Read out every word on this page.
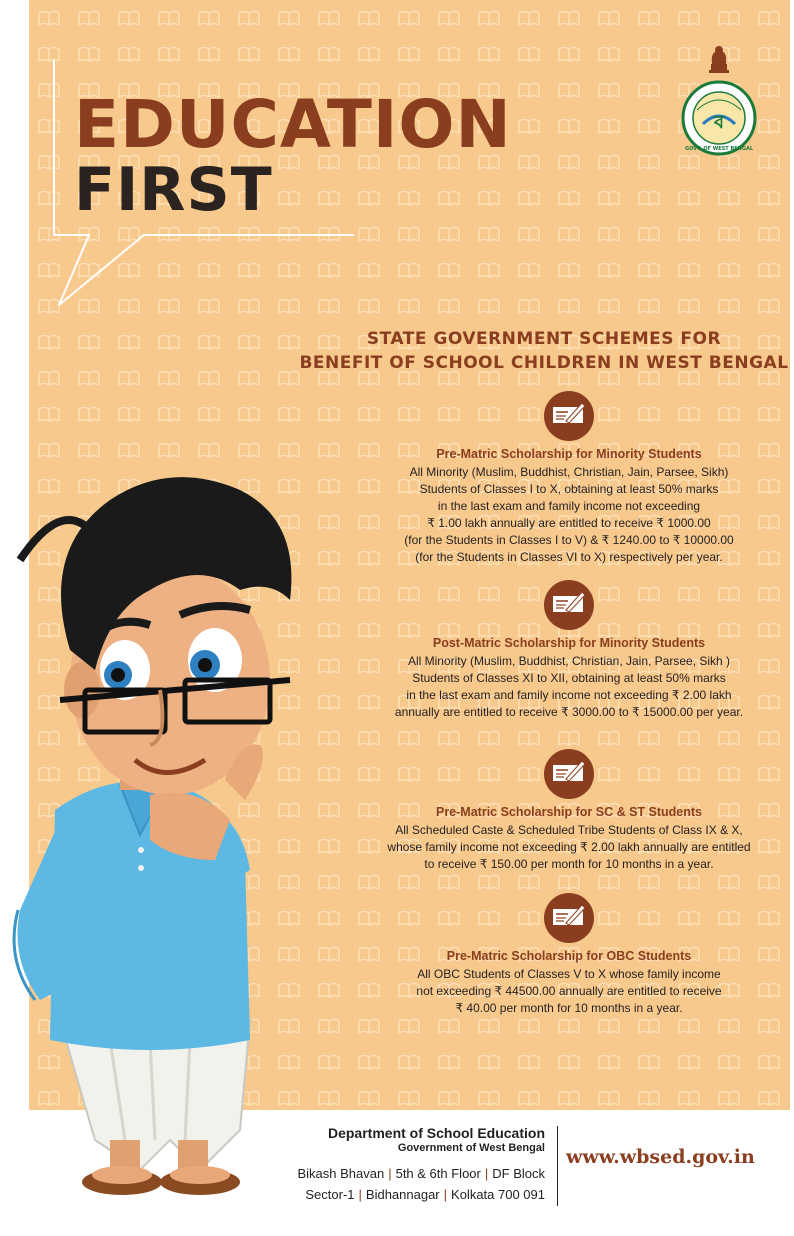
EDUCATION
FIRST
ব
GOVT. OF WEST BENGAL
STATE GOVERNMENT SCHEMES FOR
BENEFIT OF SCHOOL CHILDREN IN WEST BENGAL
Pre-Matric Scholarship for Minority Students
All Minority (Muslim, Buddhist, Christian, Jain, Parsee, Sikh)
Students of Classes I to X, obtaining at least 50% marks
in the last exam and family income not exceeding
₹ 1.00 lakh annually are entitled to receive ₹ 1000.00
(for the Students in Classes I to V) & ₹ 1240.00 to ₹ 10000.00
(for the Students in Classes VI to X) respectively per year.
Post-Matric Scholarship for Minority Students
All Minority (Muslim, Buddhist, Christian, Jain, Parsee, Sikh )
Students of Classes XI to XII, obtaining at least 50% marks
in the last exam and family income not exceeding ₹ 2.00 lakh
annually are entitled to receive ₹ 3000.00 to ₹ 15000.00 per year.
Pre-Matric Scholarship for SC & ST Students
All Scheduled Caste & Scheduled Tribe Students of Class IX & X,
whose family income not exceeding ₹ 2.00 lakh annually are entitled
to receive ₹ 150.00 per month for 10 months in a year.
Pre-Matric Scholarship for OBC Students
All OBC Students of Classes V to X whose family income
not exceeding ₹ 44500.00 annually are entitled to receive
₹ 40.00 per month for 10 months in a year.
Department of School Education
Government of West Bengal
Bikash Bhavan | 5th & 6th Floor | DF Block
Sector-1 | Bidhannagar | Kolkata 700 091
www.wbsed.gov.in
